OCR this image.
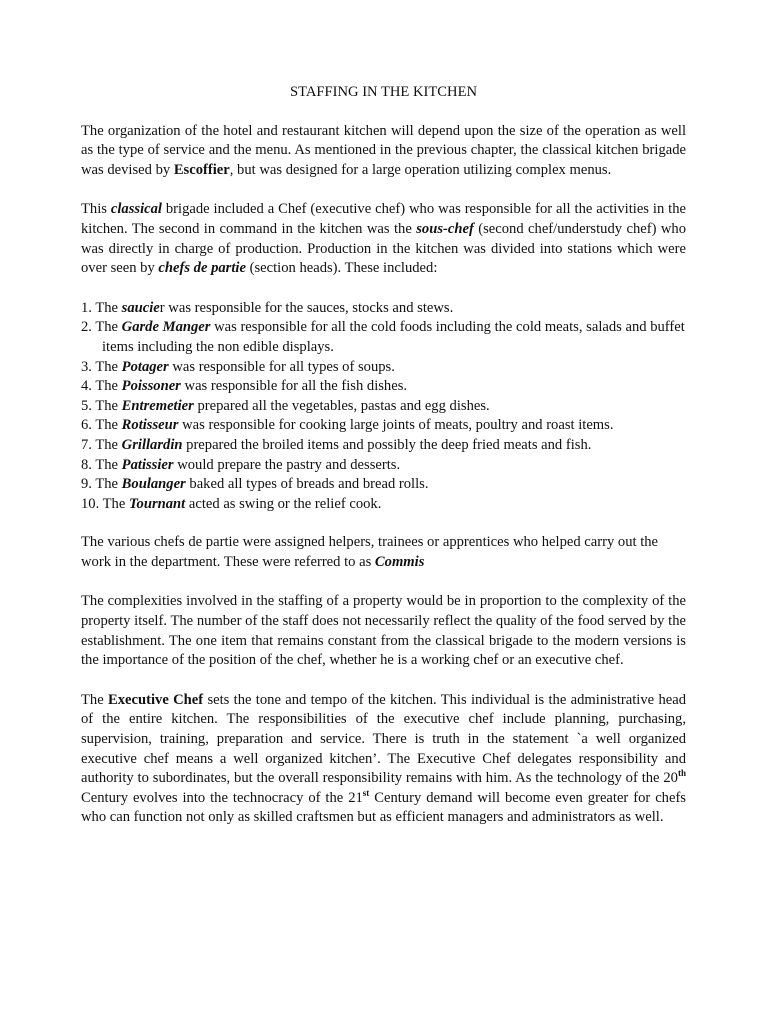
STAFFING IN THE KITCHEN

The organization of the hotel and restaurant kitchen will depend upon the size of the operation as well as the type of service and the menu. As mentioned in the previous chapter, the classical kitchen brigade was devised by Escoffier, but was designed for a large operation utilizing complex menus.

This classical brigade included a Chef (executive chef) who was responsible for all the activities in the kitchen. The second in command in the kitchen was the sous-chef (second chef/understudy chef) who was directly in charge of production. Production in the kitchen was divided into stations which were over seen by chefs de partie (section heads). These included:

1. The saucier was responsible for the sauces, stocks and stews.
2. The Garde Manger was responsible for all the cold foods including the cold meats, salads and buffet items including the non edible displays.
3. The Potager was responsible for all types of soups.
4. The Poissoner was responsible for all the fish dishes.
5. The Entremetier prepared all the vegetables, pastas and egg dishes.
6. The Rotisseur was responsible for cooking large joints of meats, poultry and roast items.
7. The Grillardin prepared the broiled items and possibly the deep fried meats and fish.
8. The Patissier would prepare the pastry and desserts.
9. The Boulanger baked all types of breads and bread rolls.
10. The Tournant acted as swing or the relief cook.

The various chefs de partie were assigned helpers, trainees or apprentices who helped carry out the work in the department. These were referred to as Commis

The complexities involved in the staffing of a property would be in proportion to the complexity of the property itself. The number of the staff does not necessarily reflect the quality of the food served by the establishment. The one item that remains constant from the classical brigade to the modern versions is the importance of the position of the chef, whether he is a working chef or an executive chef.

The Executive Chef sets the tone and tempo of the kitchen. This individual is the administrative head of the entire kitchen. The responsibilities of the executive chef include planning, purchasing, supervision, training, preparation and service. There is truth in the statement `a well organized executive chef means a well organized kitchen’. The Executive Chef delegates responsibility and authority to subordinates, but the overall responsibility remains with him. As the technology of the 20th Century evolves into the technocracy of the 21st Century demand will become even greater for chefs who can function not only as skilled craftsmen but as efficient managers and administrators as well.
